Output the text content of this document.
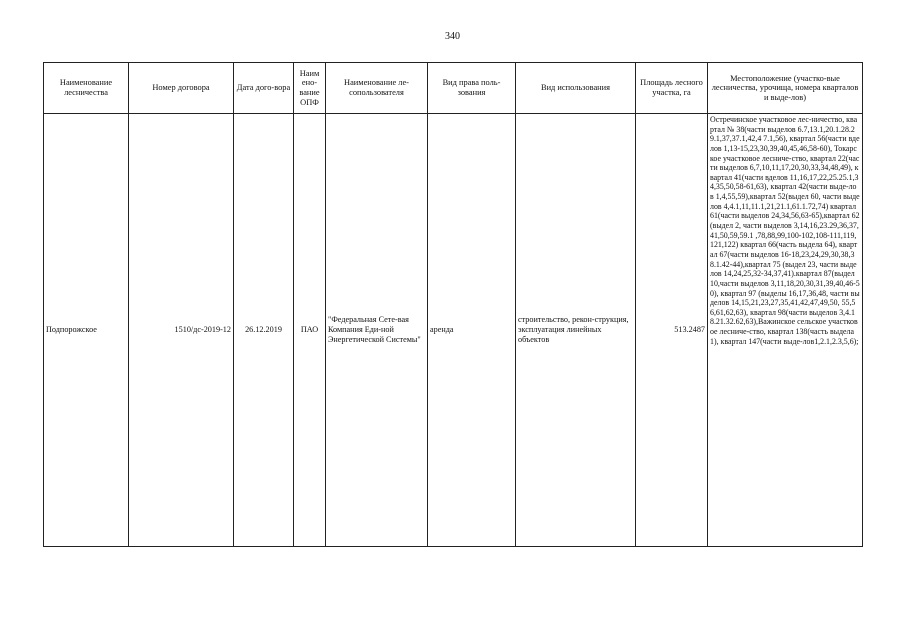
340
Наименование лесничества	Номер договора	Дата дого-вора	Наим ено-вание ОПФ	Наименование ле-сопользователя	Вид права поль-зования	Вид использования	Площадь лесного участка, га	Местоположение (участко-вые лесничества, урочища, номера кварталов и выде-лов)
Подпорожское	1510/дс-2019-12	26.12.2019	ПАО	"Федеральная Сете-вая Компания Еди-ной Энергетической Системы"	аренда	строительство, рекон-струкция, эксплуатация линейных объектов	513.2487	Остречинское участковое лес-ничество, квартал № 38(части выделов 6.7,13.1,20.1.28.29.1,37,37.1,42,4 7.1,56), квартал 56(части вделов 1,13-15,23,30,39,40,45,46,58-60), Токарское участковое лесниче-ство, квартал 22(части выделов 6,7,10,11,17,20,30,33,34,48,49), квартал 41(части вделов 11,16,17,22,25.25.1,34,35,50,58-61,63), квартал 42(части выде-лов 1,4,55,59),квартал 52(выдел 60, части выделов 4,4.1,11,11.1,21,21.1,61.1.72,74) квартал 61(части выделов 24,34,56,63-65),квартал 62(выдел 2, части выделов 3,14,16,23.29,36,37,41,50,59,59.1 ,78,88,99,100-102,108-111,119,121,122) квартал 66(часть выдела 64), квартал 67(части выделов 16-18,23,24,29,30,38,38.1.42-44),квартал 75 (выдел 23, части выделов 14,24,25,32-34,37,41).квартал 87(выдел 10,части выделов 3,11,18,20,30,31,39,40,46-50), квартал 97 (выделы 16,17,36,48, части выделов 14,15,21,23,27,35,41,42,47,49,50, 55,56,61,62,63), квартал 98(части выделов 3,4.18.21.32.62,63),Важинское сельское участковое лесниче-ство, квартал 138(часть выдела 1), квартал 147(части выде-лов1,2.1,2.3,5,6);
